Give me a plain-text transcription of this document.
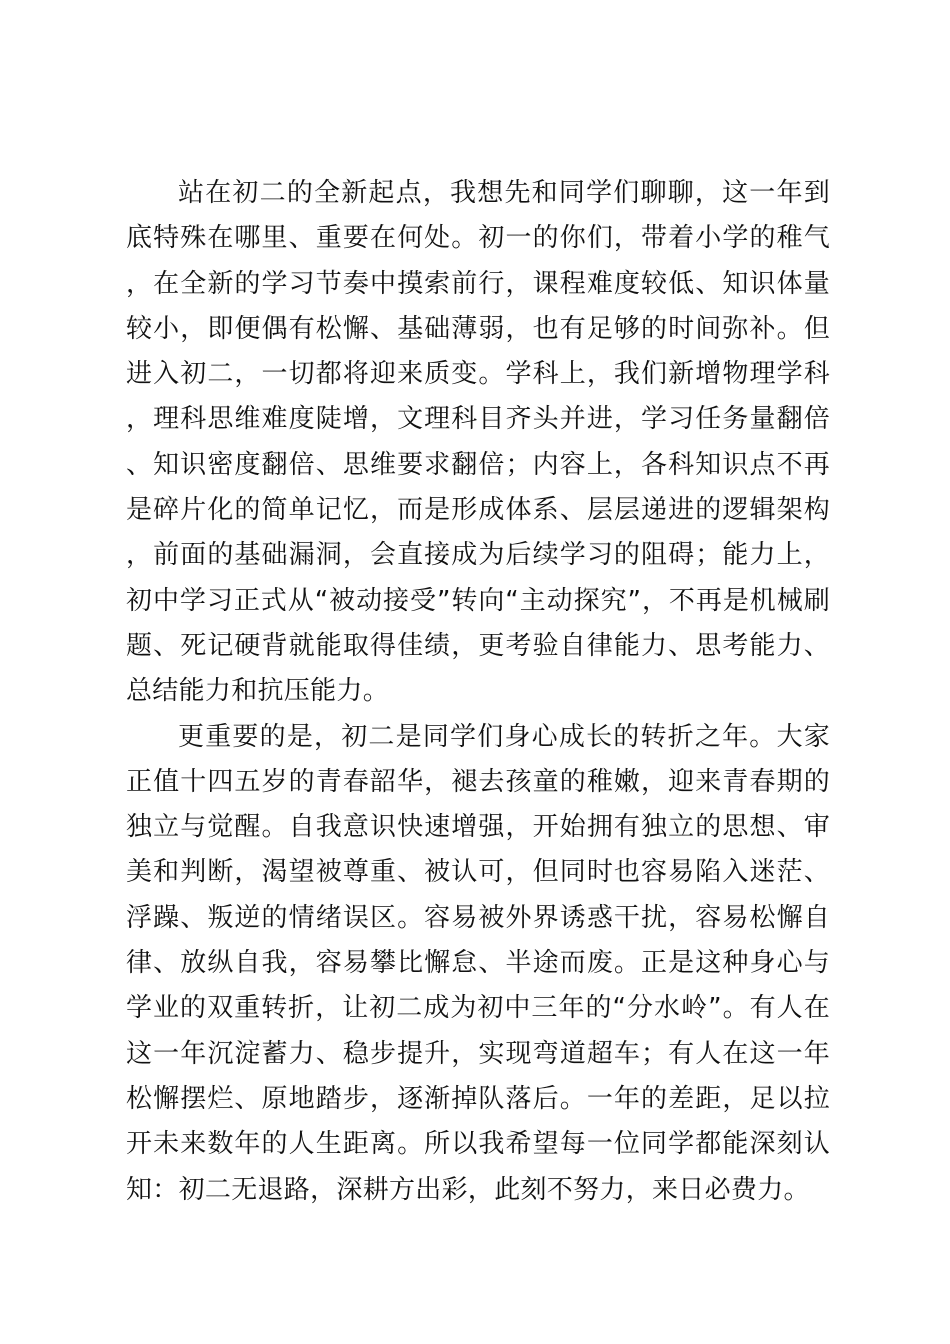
站在初二的全新起点，我想先和同学们聊聊，这一年到底特殊在哪里、重要在何处。初一的你们，带着小学的稚气，在全新的学习节奏中摸索前行，课程难度较低、知识体量较小，即便偶有松懈、基础薄弱，也有足够的时间弥补。但进入初二，一切都将迎来质变。学科上，我们新增物理学科，理科思维难度陡增，文理科目齐头并进，学习任务量翻倍、知识密度翻倍、思维要求翻倍；内容上，各科知识点不再是碎片化的简单记忆，而是形成体系、层层递进的逻辑架构，前面的基础漏洞，会直接成为后续学习的阻碍；能力上，初中学习正式从“被动接受”转向“主动探究”，不再是机械刷题、死记硬背就能取得佳绩，更考验自律能力、思考能力、总结能力和抗压能力。

更重要的是，初二是同学们身心成长的转折之年。大家正值十四五岁的青春韶华，褪去孩童的稚嫩，迎来青春期的独立与觉醒。自我意识快速增强，开始拥有独立的思想、审美和判断，渴望被尊重、被认可，但同时也容易陷入迷茫、浮躁、叛逆的情绪误区。容易被外界诱惑干扰，容易松懈自律、放纵自我，容易攀比懈怠、半途而废。正是这种身心与学业的双重转折，让初二成为初中三年的“分水岭”。有人在这一年沉淀蓄力、稳步提升，实现弯道超车；有人在这一年松懈摆烂、原地踏步，逐渐掉队落后。一年的差距，足以拉开未来数年的人生距离。所以我希望每一位同学都能深刻认知：初二无退路，深耕方出彩，此刻不努力，来日必费力。
